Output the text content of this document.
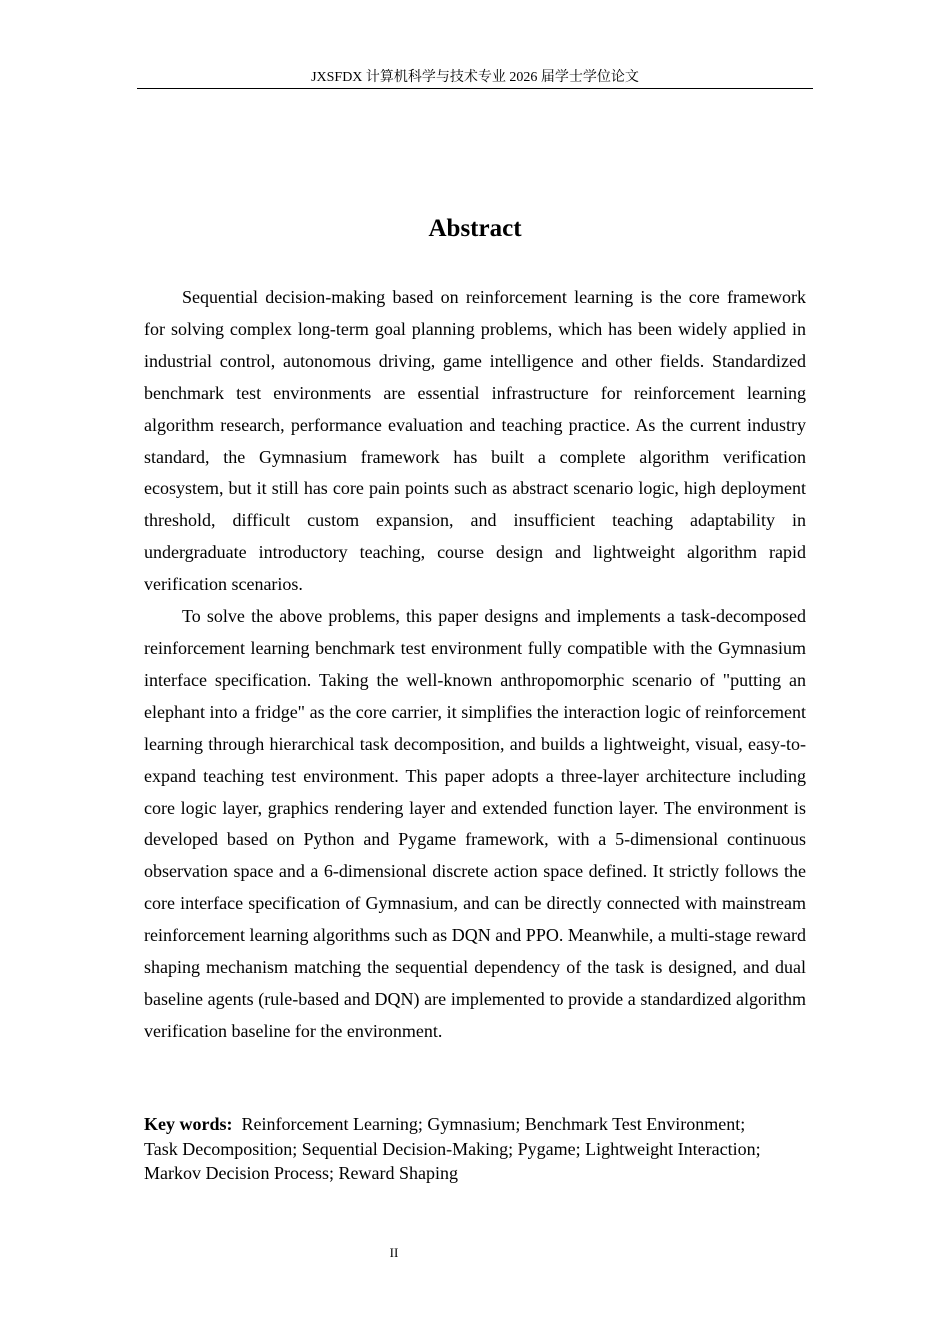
JXSFDX 计算机科学与技术专业 2026 届学士学位论文
Abstract

Sequential decision-making based on reinforcement learning is the core framework for solving complex long-term goal planning problems, which has been widely applied in industrial control, autonomous driving, game intelligence and other fields. Standardized benchmark test environments are essential infrastructure for reinforcement learning algorithm research, performance evaluation and teaching practice. As the current industry standard, the Gymnasium framework has built a complete algorithm verification ecosystem, but it still has core pain points such as abstract scenario logic, high deployment threshold, difficult custom expansion, and insufficient teaching adaptability in undergraduate introductory teaching, course design and lightweight algorithm rapid verification scenarios.

To solve the above problems, this paper designs and implements a task-decomposed reinforcement learning benchmark test environment fully compatible with the Gymnasium interface specification. Taking the well-known anthropomorphic scenario of "putting an elephant into a fridge" as the core carrier, it simplifies the interaction logic of reinforcement learning through hierarchical task decomposition, and builds a lightweight, visual, easy-to-expand teaching test environment. This paper adopts a three-layer architecture including core logic layer, graphics rendering layer and extended function layer. The environment is developed based on Python and Pygame framework, with a 5-dimensional continuous observation space and a 6-dimensional discrete action space defined. It strictly follows the core interface specification of Gymnasium, and can be directly connected with mainstream reinforcement learning algorithms such as DQN and PPO. Meanwhile, a multi-stage reward shaping mechanism matching the sequential dependency of the task is designed, and dual baseline agents (rule-based and DQN) are implemented to provide a standardized algorithm verification baseline for the environment.

Key words: Reinforcement Learning; Gymnasium; Benchmark Test Environment;
Task Decomposition; Sequential Decision-Making; Pygame; Lightweight Interaction;
Markov Decision Process; Reward Shaping
II
